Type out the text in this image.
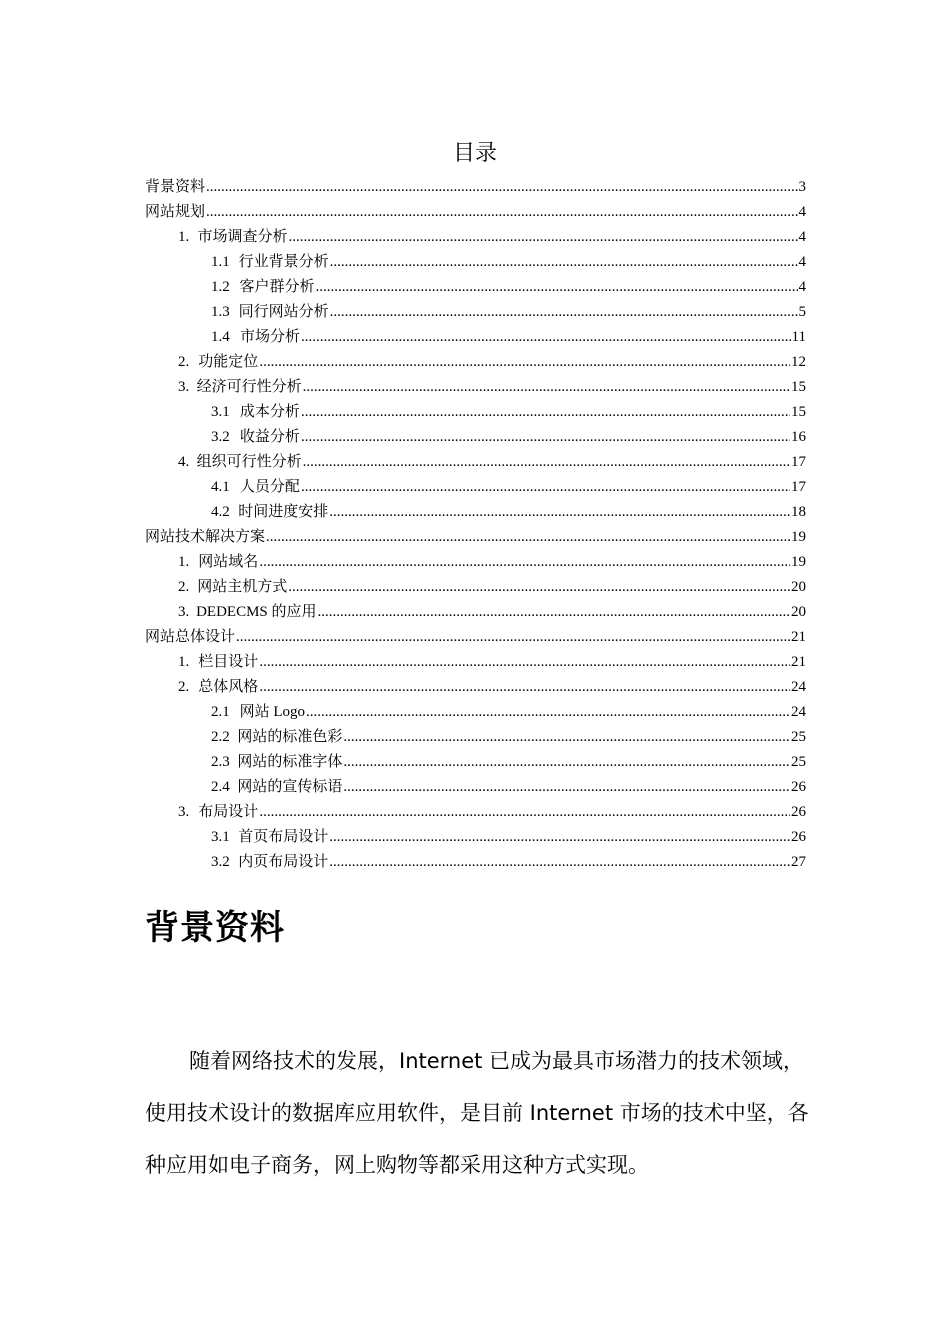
目录
背景资料 .....	3
网站规划 .....	4
1. 市场调查分析 .....	4
1.1 行业背景分析 .....	4
1.2 客户群分析 .....	4
1.3 同行网站分析 .....	5
1.4 市场分析 .....	11
2. 功能定位 .....	12
3. 经济可行性分析 .....	15
3.1 成本分析 .....	15
3.2 收益分析 .....	16
4. 组织可行性分析 .....	17
4.1 人员分配 .....	17
4.2 时间进度安排 .....	18
网站技术解决方案 .....	19
1. 网站域名 .....	19
2. 网站主机方式 .....	20
3. DEDECMS 的应用 .....	20
网站总体设计 .....	21
1. 栏目设计 .....	21
2. 总体风格 .....	24
2.1 网站 Logo .....	24
2.2 网站的标准色彩 .....	25
2.3 网站的标准字体 .....	25
2.4 网站的宣传标语 .....	26
3. 布局设计 .....	26
3.1 首页布局设计 .....	26
3.2 内页布局设计 .....	27
背景资料

随着网络技术的发展，Internet 已成为最具市场潜力的技术领域，使用技术设计的数据库应用软件，是目前 Internet 市场的技术中坚，各种应用如电子商务，网上购物等都采用这种方式实现。
